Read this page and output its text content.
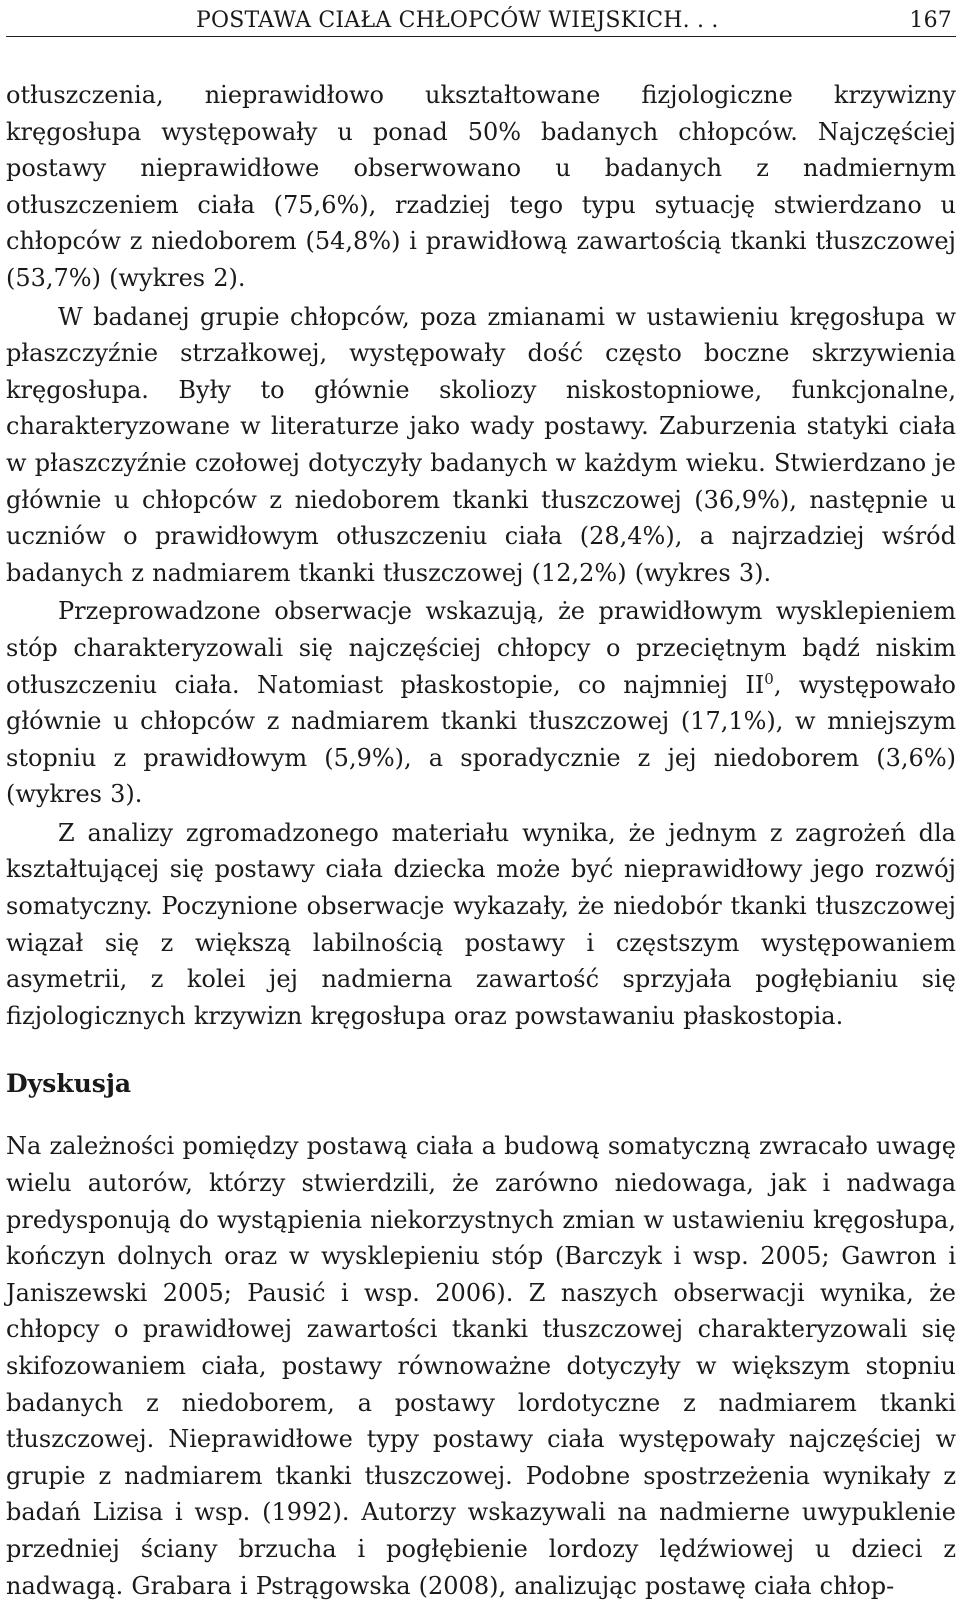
POSTAWA CIAŁA CHŁOPCÓW WIEJSKICH. . .	167

otłuszczenia, nieprawidłowo ukształtowane fizjologiczne krzywizny kręgosłupa występowały u ponad 50% badanych chłopców. Najczęściej postawy nieprawidłowe obserwowano u badanych z nadmiernym otłuszczeniem ciała (75,6%), rzadziej tego typu sytuację stwierdzano u chłopców z niedoborem (54,8%) i prawidłową zawartością tkanki tłuszczowej (53,7%) (wykres 2).

W badanej grupie chłopców, poza zmianami w ustawieniu kręgosłupa w płaszczyźnie strzałkowej, występowały dość często boczne skrzywienia kręgosłupa. Były to głównie skoliozy niskostopniowe, funkcjonalne, charakteryzowane w literaturze jako wady postawy. Zaburzenia statyki ciała w płaszczyźnie czołowej dotyczyły badanych w każdym wieku. Stwierdzano je głównie u chłopców z niedoborem tkanki tłuszczowej (36,9%), następnie u uczniów o prawidłowym otłuszczeniu ciała (28,4%), a najrzadziej wśród badanych z nadmiarem tkanki tłuszczowej (12,2%) (wykres 3).

Przeprowadzone obserwacje wskazują, że prawidłowym wysklepieniem stóp charakteryzowali się najczęściej chłopcy o przeciętnym bądź niskim otłuszczeniu ciała. Natomiast płaskostopie, co najmniej $II^0$, występowało głównie u chłopców z nadmiarem tkanki tłuszczowej (17,1%), w mniejszym stopniu z prawidłowym (5,9%), a sporadycznie z jej niedoborem (3,6%) (wykres 3).

Z analizy zgromadzonego materiału wynika, że jednym z zagrożeń dla kształtującej się postawy ciała dziecka może być nieprawidłowy jego rozwój somatyczny. Poczynione obserwacje wykazały, że niedobór tkanki tłuszczowej wiązał się z większą labilnością postawy i częstszym występowaniem asymetrii, z kolei jej nadmierna zawartość sprzyjała pogłębianiu się fizjologicznych krzywizn kręgosłupa oraz powstawaniu płaskostopia.

Dyskusja

Na zależności pomiędzy postawą ciała a budową somatyczną zwracało uwagę wielu autorów, którzy stwierdzili, że zarówno niedowaga, jak i nadwaga predysponują do wystąpienia niekorzystnych zmian w ustawieniu kręgosłupa, kończyn dolnych oraz w wysklepieniu stóp (Barczyk i wsp. 2005; Gawron i Janiszewski 2005; Pausić i wsp. 2006). Z naszych obserwacji wynika, że chłopcy o prawidłowej zawartości tkanki tłuszczowej charakteryzowali się skifozowaniem ciała, postawy równoważne dotyczyły w większym stopniu badanych z niedoborem, a postawy lordotyczne z nadmiarem tkanki tłuszczowej. Nieprawidłowe typy postawy ciała występowały najczęściej w grupie z nadmiarem tkanki tłuszczowej. Podobne spostrzeżenia wynikały z badań Lizisa i wsp. (1992). Autorzy wskazywali na nadmierne uwypuklenie przedniej ściany brzucha i pogłębienie lordozy lędźwiowej u dzieci z nadwagą. Grabara i Pstrągowska (2008), analizując postawę ciała chłop-
